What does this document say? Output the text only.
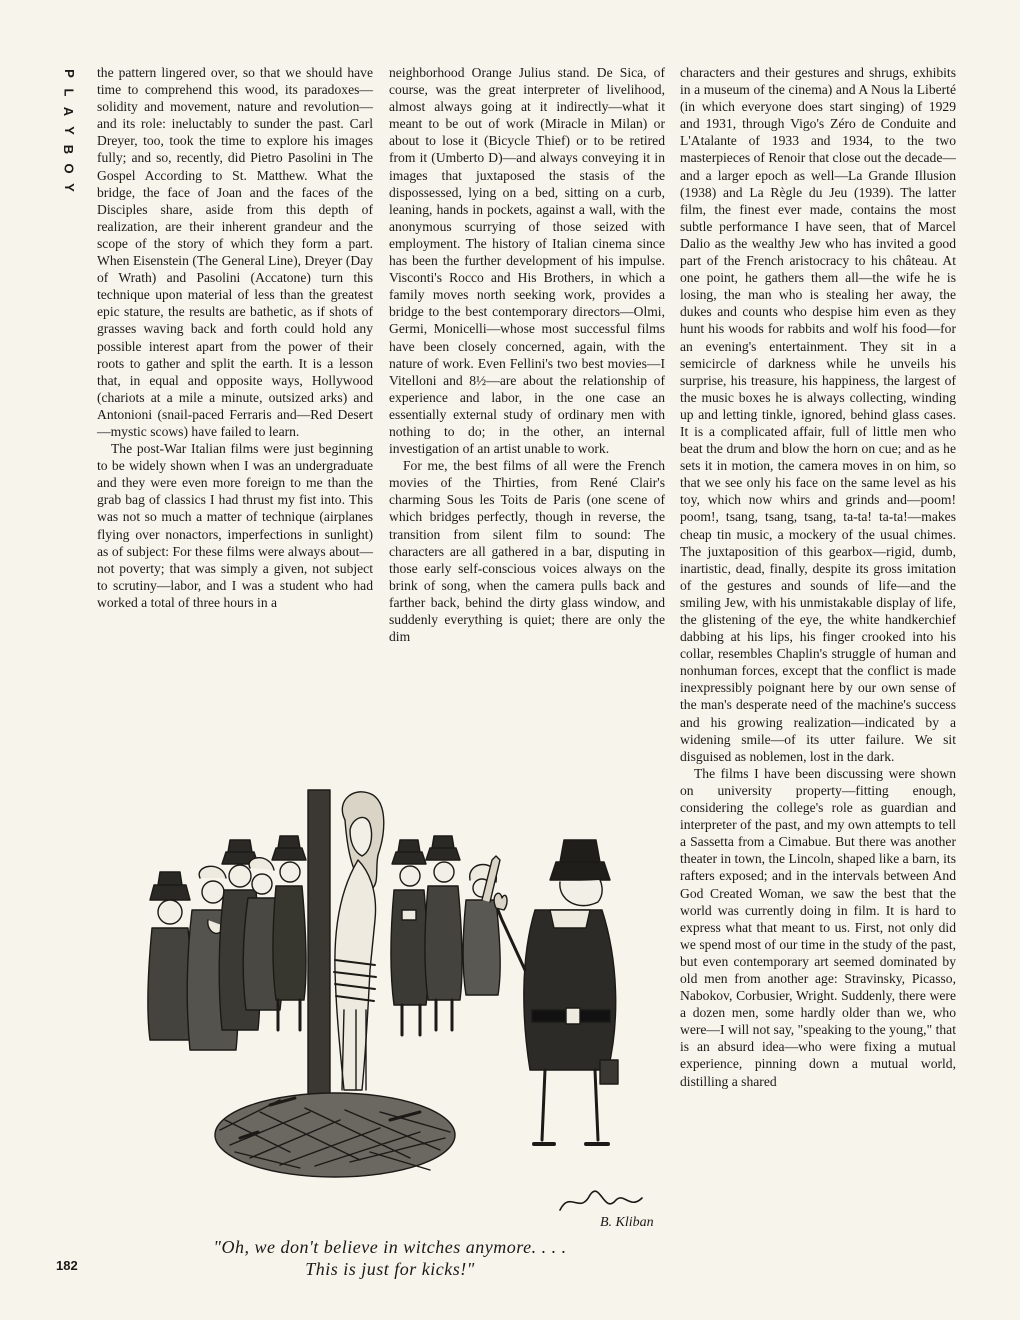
P
L
A
Y
B
O
Y

the pattern lingered over, so that we should have time to comprehend this wood, its paradoxes—solidity and movement, nature and revolution—and its role: ineluctably to sunder the past. Carl Dreyer, too, took the time to explore his images fully; and so, recently, did Pietro Pasolini in The Gospel According to St. Matthew. What the bridge, the face of Joan and the faces of the Disciples share, aside from this depth of realization, are their inherent grandeur and the scope of the story of which they form a part. When Eisenstein (The General Line), Dreyer (Day of Wrath) and Pasolini (Accatone) turn this technique upon material of less than the greatest epic stature, the results are bathetic, as if shots of grasses waving back and forth could hold any possible interest apart from the power of their roots to gather and split the earth. It is a lesson that, in equal and opposite ways, Hollywood (chariots at a mile a minute, outsized arks) and Antonioni (snail-paced Ferraris and—Red Desert—mystic scows) have failed to learn.

The post-War Italian films were just beginning to be widely shown when I was an undergraduate and they were even more foreign to me than the grab bag of classics I had thrust my fist into. This was not so much a matter of technique (airplanes flying over nonactors, imperfections in sunlight) as of subject: For these films were always about—not poverty; that was simply a given, not subject to scrutiny—labor, and I was a student who had worked a total of three hours in a

neighborhood Orange Julius stand. De Sica, of course, was the great interpreter of livelihood, almost always going at it indirectly—what it meant to be out of work (Miracle in Milan) or about to lose it (Bicycle Thief) or to be retired from it (Umberto D)—and always conveying it in images that juxtaposed the stasis of the dispossessed, lying on a bed, sitting on a curb, leaning, hands in pockets, against a wall, with the anonymous scurrying of those seized with employment. The history of Italian cinema since has been the further development of his impulse. Visconti's Rocco and His Brothers, in which a family moves north seeking work, provides a bridge to the best contemporary directors—Olmi, Germi, Monicelli—whose most successful films have been closely concerned, again, with the nature of work. Even Fellini's two best movies—I Vitelloni and 8½—are about the relationship of experience and labor, in the one case an essentially external study of ordinary men with nothing to do; in the other, an internal investigation of an artist unable to work.

For me, the best films of all were the French movies of the Thirties, from René Clair's charming Sous les Toits de Paris (one scene of which bridges perfectly, though in reverse, the transition from silent film to sound: The characters are all gathered in a bar, disputing in those early self-conscious voices always on the brink of song, when the camera pulls back and farther back, behind the dirty glass window, and suddenly everything is quiet; there are only the dim

characters and their gestures and shrugs, exhibits in a museum of the cinema) and A Nous la Liberté (in which everyone does start singing) of 1929 and 1931, through Vigo's Zéro de Conduite and L'Atalante of 1933 and 1934, to the two masterpieces of Renoir that close out the decade—and a larger epoch as well—La Grande Illusion (1938) and La Règle du Jeu (1939). The latter film, the finest ever made, contains the most subtle performance I have seen, that of Marcel Dalio as the wealthy Jew who has invited a good part of the French aristocracy to his château. At one point, he gathers them all—the wife he is losing, the man who is stealing her away, the dukes and counts who despise him even as they hunt his woods for rabbits and wolf his food—for an evening's entertainment. They sit in a semicircle of darkness while he unveils his surprise, his treasure, his happiness, the largest of the music boxes he is always collecting, winding up and letting tinkle, ignored, behind glass cases. It is a complicated affair, full of little men who beat the drum and blow the horn on cue; and as he sets it in motion, the camera moves in on him, so that we see only his face on the same level as his toy, which now whirs and grinds and—poom! poom!, tsang, tsang, tsang, ta-ta! ta-ta!—makes cheap tin music, a mockery of the usual chimes. The juxtaposition of this gearbox—rigid, dumb, inartistic, dead, finally, despite its gross imitation of the gestures and sounds of life—and the smiling Jew, with his unmistakable display of life, the glistening of the eye, the white handkerchief dabbing at his lips, his finger crooked into his collar, resembles Chaplin's struggle of human and nonhuman forces, except that the conflict is made inexpressibly poignant here by our own sense of the man's desperate need of the machine's success and his growing realization—indicated by a widening smile—of its utter failure. We sit disguised as noblemen, lost in the dark.

The films I have been discussing were shown on university property—fitting enough, considering the college's role as guardian and interpreter of the past, and my own attempts to tell a Sassetta from a Cimabue. But there was another theater in town, the Lincoln, shaped like a barn, its rafters exposed; and in the intervals between And God Created Woman, we saw the best that the world was currently doing in film. It is hard to express what that meant to us. First, not only did we spend most of our time in the study of the past, but even contemporary art seemed dominated by old men from another age: Stravinsky, Picasso, Nabokov, Corbusier, Wright. Suddenly, there were a dozen men, some hardly older than we, who were—I will not say, "speaking to the young," that is an absurd idea—who were fixing a mutual experience, pinning down a mutual world, distilling a shared

B. Kliban
"Oh, we don't believe in witches anymore. . . .
This is just for kicks!"
182
